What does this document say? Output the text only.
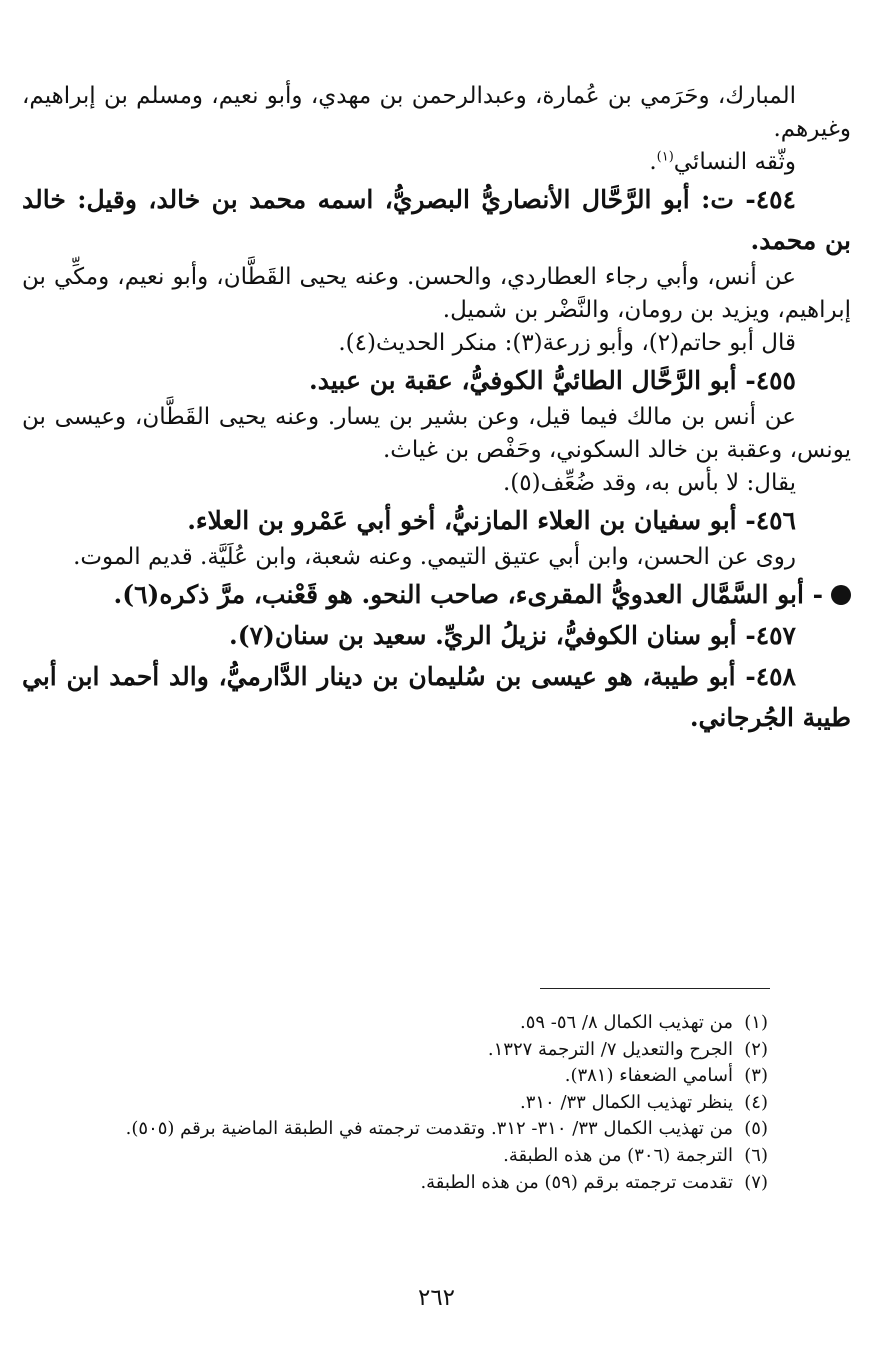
المبارك، وحَرَمي بن عُمارة، وعبدالرحمن بن مهدي، وأبو نعيم، ومسلم بن إبراهيم، وغيرهم.

وثّقه النسائي$^{(١)}$.

٤٥٤- ت: أبو الرَّحَّال الأنصاريُّ البصريُّ، اسمه محمد بن خالد، وقيل: خالد بن محمد.

عن أنس، وأبي رجاء العطاردي، والحسن. وعنه يحيى القَطَّان، وأبو نعيم، ومكِّي بن إبراهيم، ويزيد بن رومان، والنَّضْر بن شميل.

قال أبو حاتم(٢)، وأبو زرعة(٣): منكر الحديث(٤).

٤٥٥- أبو الرَّحَّال الطائيُّ الكوفيُّ، عقبة بن عبيد.

عن أنس بن مالك فيما قيل، وعن بشير بن يسار. وعنه يحيى القَطَّان، وعيسى بن يونس، وعقبة بن خالد السكوني، وحَفْص بن غياث.

يقال: لا بأس به، وقد ضُعِّف(٥).

٤٥٦- أبو سفيان بن العلاء المازنيُّ، أخو أبي عَمْرو بن العلاء.

روى عن الحسن، وابن أبي عتيق التيمي. وعنه شعبة، وابن عُلَيَّة. قديم الموت.

- أبو السَّمَّال العدويُّ المقرىء، صاحب النحو. هو قَعْنب، مرَّ ذكره(٦).

٤٥٧- أبو سنان الكوفيُّ، نزيلُ الريِّ. سعيد بن سنان(٧).

٤٥٨- أبو طيبة، هو عيسى بن سُليمان بن دينار الدَّارميُّ، والد أحمد ابن أبي طيبة الجُرجاني.

(١)من تهذيب الكمال ٨/ ٥٦- ٥٩.

(٢)الجرح والتعديل ٧/ الترجمة ١٣٢٧.

(٣)أسامي الضعفاء (٣٨١).

(٤)ينظر تهذيب الكمال ٣٣/ ٣١٠.

(٥)من تهذيب الكمال ٣٣/ ٣١٠- ٣١٢. وتقدمت ترجمته في الطبقة الماضية برقم (٥٠٥).

(٦)الترجمة (٣٠٦) من هذه الطبقة.

(٧)تقدمت ترجمته برقم (٥٩) من هذه الطبقة.

٢٦٢
